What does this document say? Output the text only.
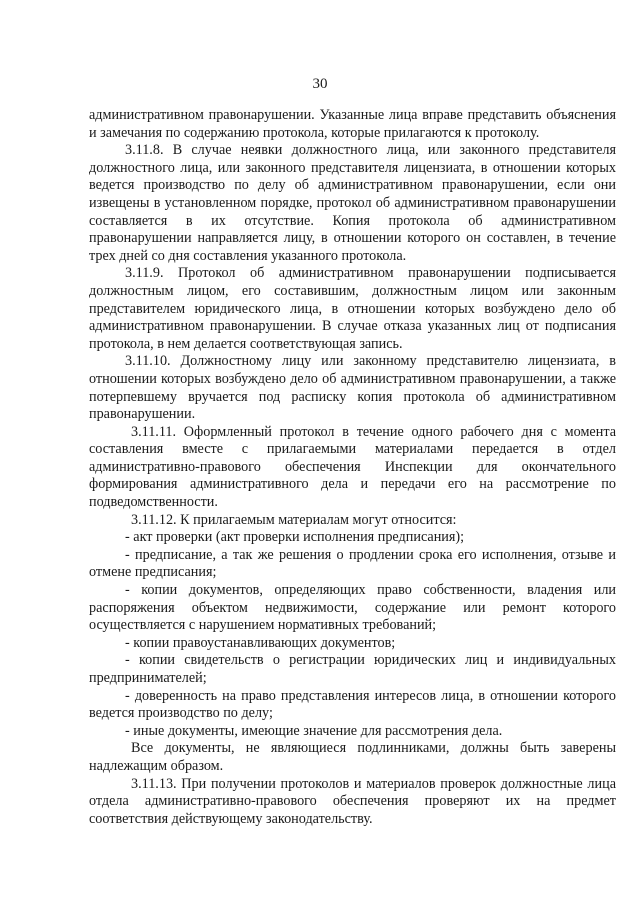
30

административном правонарушении. Указанные лица вправе представить объяснения и замечания по содержанию протокола, которые прилагаются к протоколу.

3.11.8. В случае неявки должностного лица, или законного представителя должностного лица, или законного представителя лицензиата, в отношении которых ведется производство по делу об административном правонарушении, если они извещены в установленном порядке, протокол об административном правонарушении составляется в их отсутствие. Копия протокола об административном правонарушении направляется лицу, в отношении которого он составлен, в течение трех дней со дня составления указанного протокола.

3.11.9. Протокол об административном правонарушении подписывается должностным лицом, его составившим, должностным лицом или законным представителем юридического лица, в отношении которых возбуждено дело об административном правонарушении. В случае отказа указанных лиц от подписания протокола, в нем делается соответствующая запись.

3.11.10. Должностному лицу или законному представителю лицензиата, в отношении которых возбуждено дело об административном правонарушении, а также потерпевшему вручается под расписку копия протокола об административном правонарушении.

3.11.11. Оформленный протокол в течение одного рабочего дня с момента составления вместе с прилагаемыми материалами передается в отдел административно-правового обеспечения Инспекции для окончательного формирования административного дела и передачи его на рассмотрение по подведомственности.

3.11.12. К прилагаемым материалам могут относится:

- акт проверки (акт проверки исполнения предписания);

- предписание, а так же решения о продлении срока его исполнения, отзыве и отмене предписания;

- копии документов, определяющих право собственности, владения или распоряжения объектом недвижимости, содержание или ремонт которого осуществляется с нарушением нормативных требований;

- копии правоустанавливающих документов;

- копии свидетельств о регистрации юридических лиц и индивидуальных предпринимателей;

- доверенность на право представления интересов лица, в отношении которого ведется производство по делу;

- иные документы, имеющие значение для рассмотрения дела.

Все документы, не являющиеся подлинниками, должны быть заверены надлежащим образом.

3.11.13. При получении протоколов и материалов проверок должностные лица отдела административно-правового обеспечения проверяют их на предмет соответствия действующему законодательству.
